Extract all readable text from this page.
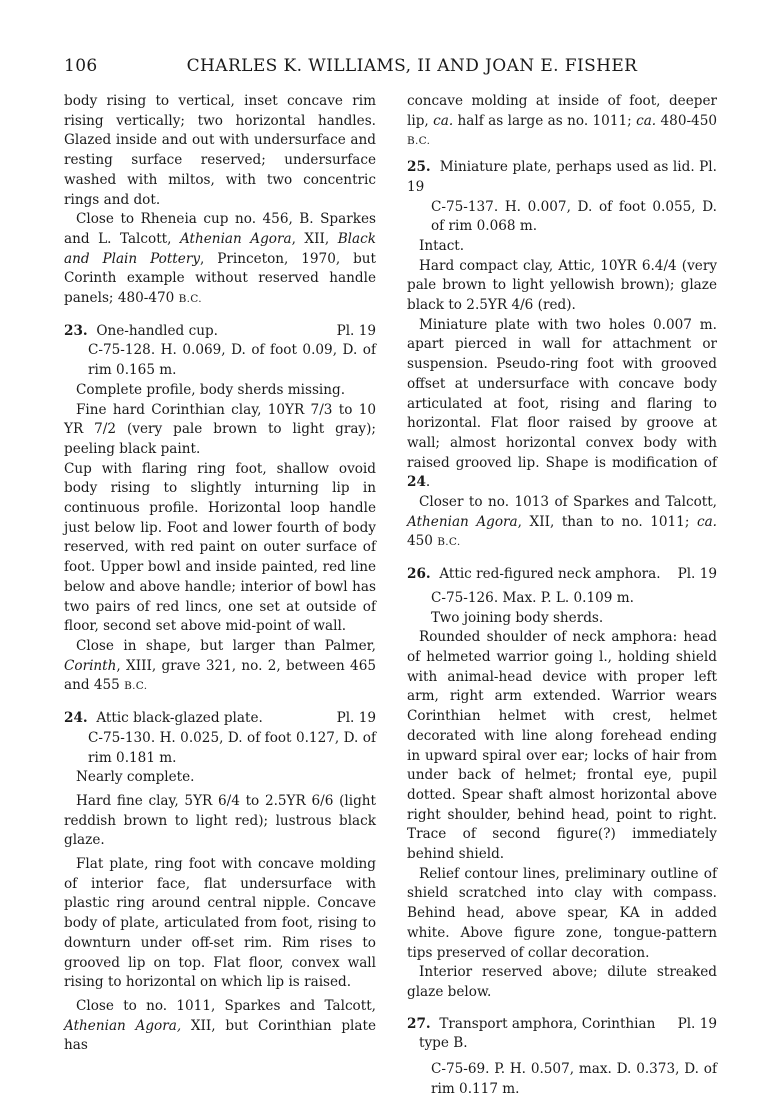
106	CHARLES K. WILLIAMS, II AND JOAN E. FISHER

body rising to vertical, inset concave rim rising vertically; two horizontal handles. Glazed inside and out with undersurface and resting surface reserved; undersurface washed with miltos, with two concentric rings and dot.

Close to Rheneia cup no. 456, B. Sparkes and L. Talcott, Athenian Agora, XII, Black and Plain Pottery, Princeton, 1970, but Corinth example without reserved handle panels; 480-470 B.C.

23. One-handled cup.	Pl. 19

C-75-128. H. 0.069, D. of foot 0.09, D. of rim 0.165 m.

Complete profile, body sherds missing.

Fine hard Corinthian clay, 10YR 7/3 to 10 YR 7/2 (very pale brown to light gray); peeling black paint.

Cup with flaring ring foot, shallow ovoid body rising to slightly inturning lip in continuous profile. Horizontal loop handle just below lip. Foot and lower fourth of body reserved, with red paint on outer surface of foot. Upper bowl and inside painted, red line below and above handle; interior of bowl has two pairs of red lincs, one set at outside of floor, second set above mid-point of wall.

Close in shape, but larger than Palmer, Corinth, XIII, grave 321, no. 2, between 465 and 455 B.C.

24. Attic black-glazed plate.	Pl. 19

C-75-130. H. 0.025, D. of foot 0.127, D. of rim 0.181 m.

Nearly complete.

Hard fine clay, 5YR 6/4 to 2.5YR 6/6 (light reddish brown to light red); lustrous black glaze.

Flat plate, ring foot with concave molding of interior face, flat undersurface with plastic ring around central nipple. Concave body of plate, articulated from foot, rising to downturn under off-set rim. Rim rises to grooved lip on top. Flat floor, convex wall rising to horizontal on which lip is raised.

Close to no. 1011, Sparkes and Talcott, Athenian Agora, XII, but Corinthian plate has

concave molding at inside of foot, deeper lip, ca. half as large as no. 1011; ca. 480-450 B.C.

25. Miniature plate, perhaps used as lid. Pl. 19

C-75-137. H. 0.007, D. of foot 0.055, D. of rim 0.068 m.

Intact.

Hard compact clay, Attic, 10YR 6.4/4 (very pale brown to light yellowish brown); glaze black to 2.5YR 4/6 (red).

Miniature plate with two holes 0.007 m. apart pierced in wall for attachment or suspension. Pseudo-ring foot with grooved offset at undersurface with concave body articulated at foot, rising and flaring to horizontal. Flat floor raised by groove at wall; almost horizontal convex body with raised grooved lip. Shape is modification of 24.

Closer to no. 1013 of Sparkes and Talcott, Athenian Agora, XII, than to no. 1011; ca. 450 B.C.

26. Attic red-figured neck amphora. Pl. 19

C-75-126. Max. P. L. 0.109 m.

Two joining body sherds.

Rounded shoulder of neck amphora: head of helmeted warrior going l., holding shield with animal-head device with proper left arm, right arm extended. Warrior wears Corinthian helmet with crest, helmet decorated with line along forehead ending in upward spiral over ear; locks of hair from under back of helmet; frontal eye, pupil dotted. Spear shaft almost horizontal above right shoulder, behind head, point to right. Trace of second figure(?) immediately behind shield.

Relief contour lines, preliminary outline of shield scratched into clay with compass. Behind head, above spear, ΚΑ in added white. Above figure zone, tongue-pattern tips preserved of collar decoration.

Interior reserved above; dilute streaked glaze below.

27. Transport amphora, Corinthian
type B.
Pl. 19

C-75-69. P. H. 0.507, max. D. 0.373, D. of rim 0.117 m.
